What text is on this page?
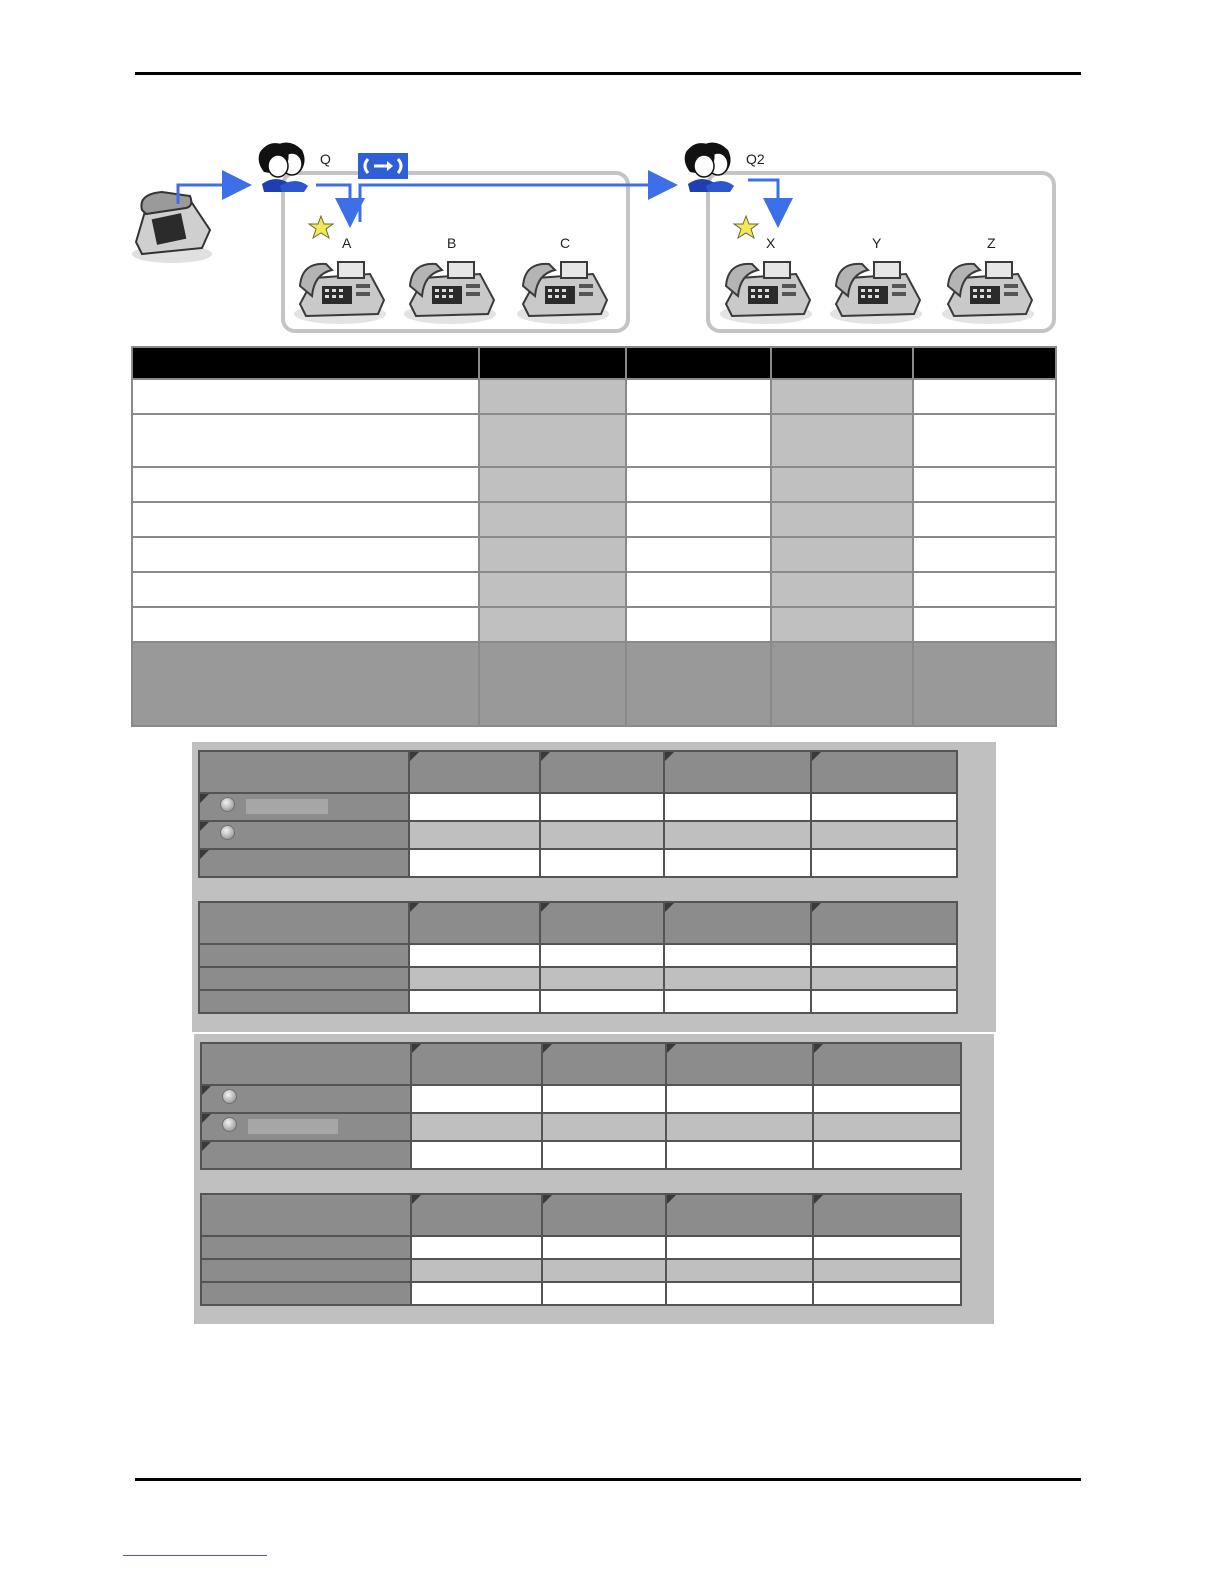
Q	Q2
A	B	C	X	Y	Z
